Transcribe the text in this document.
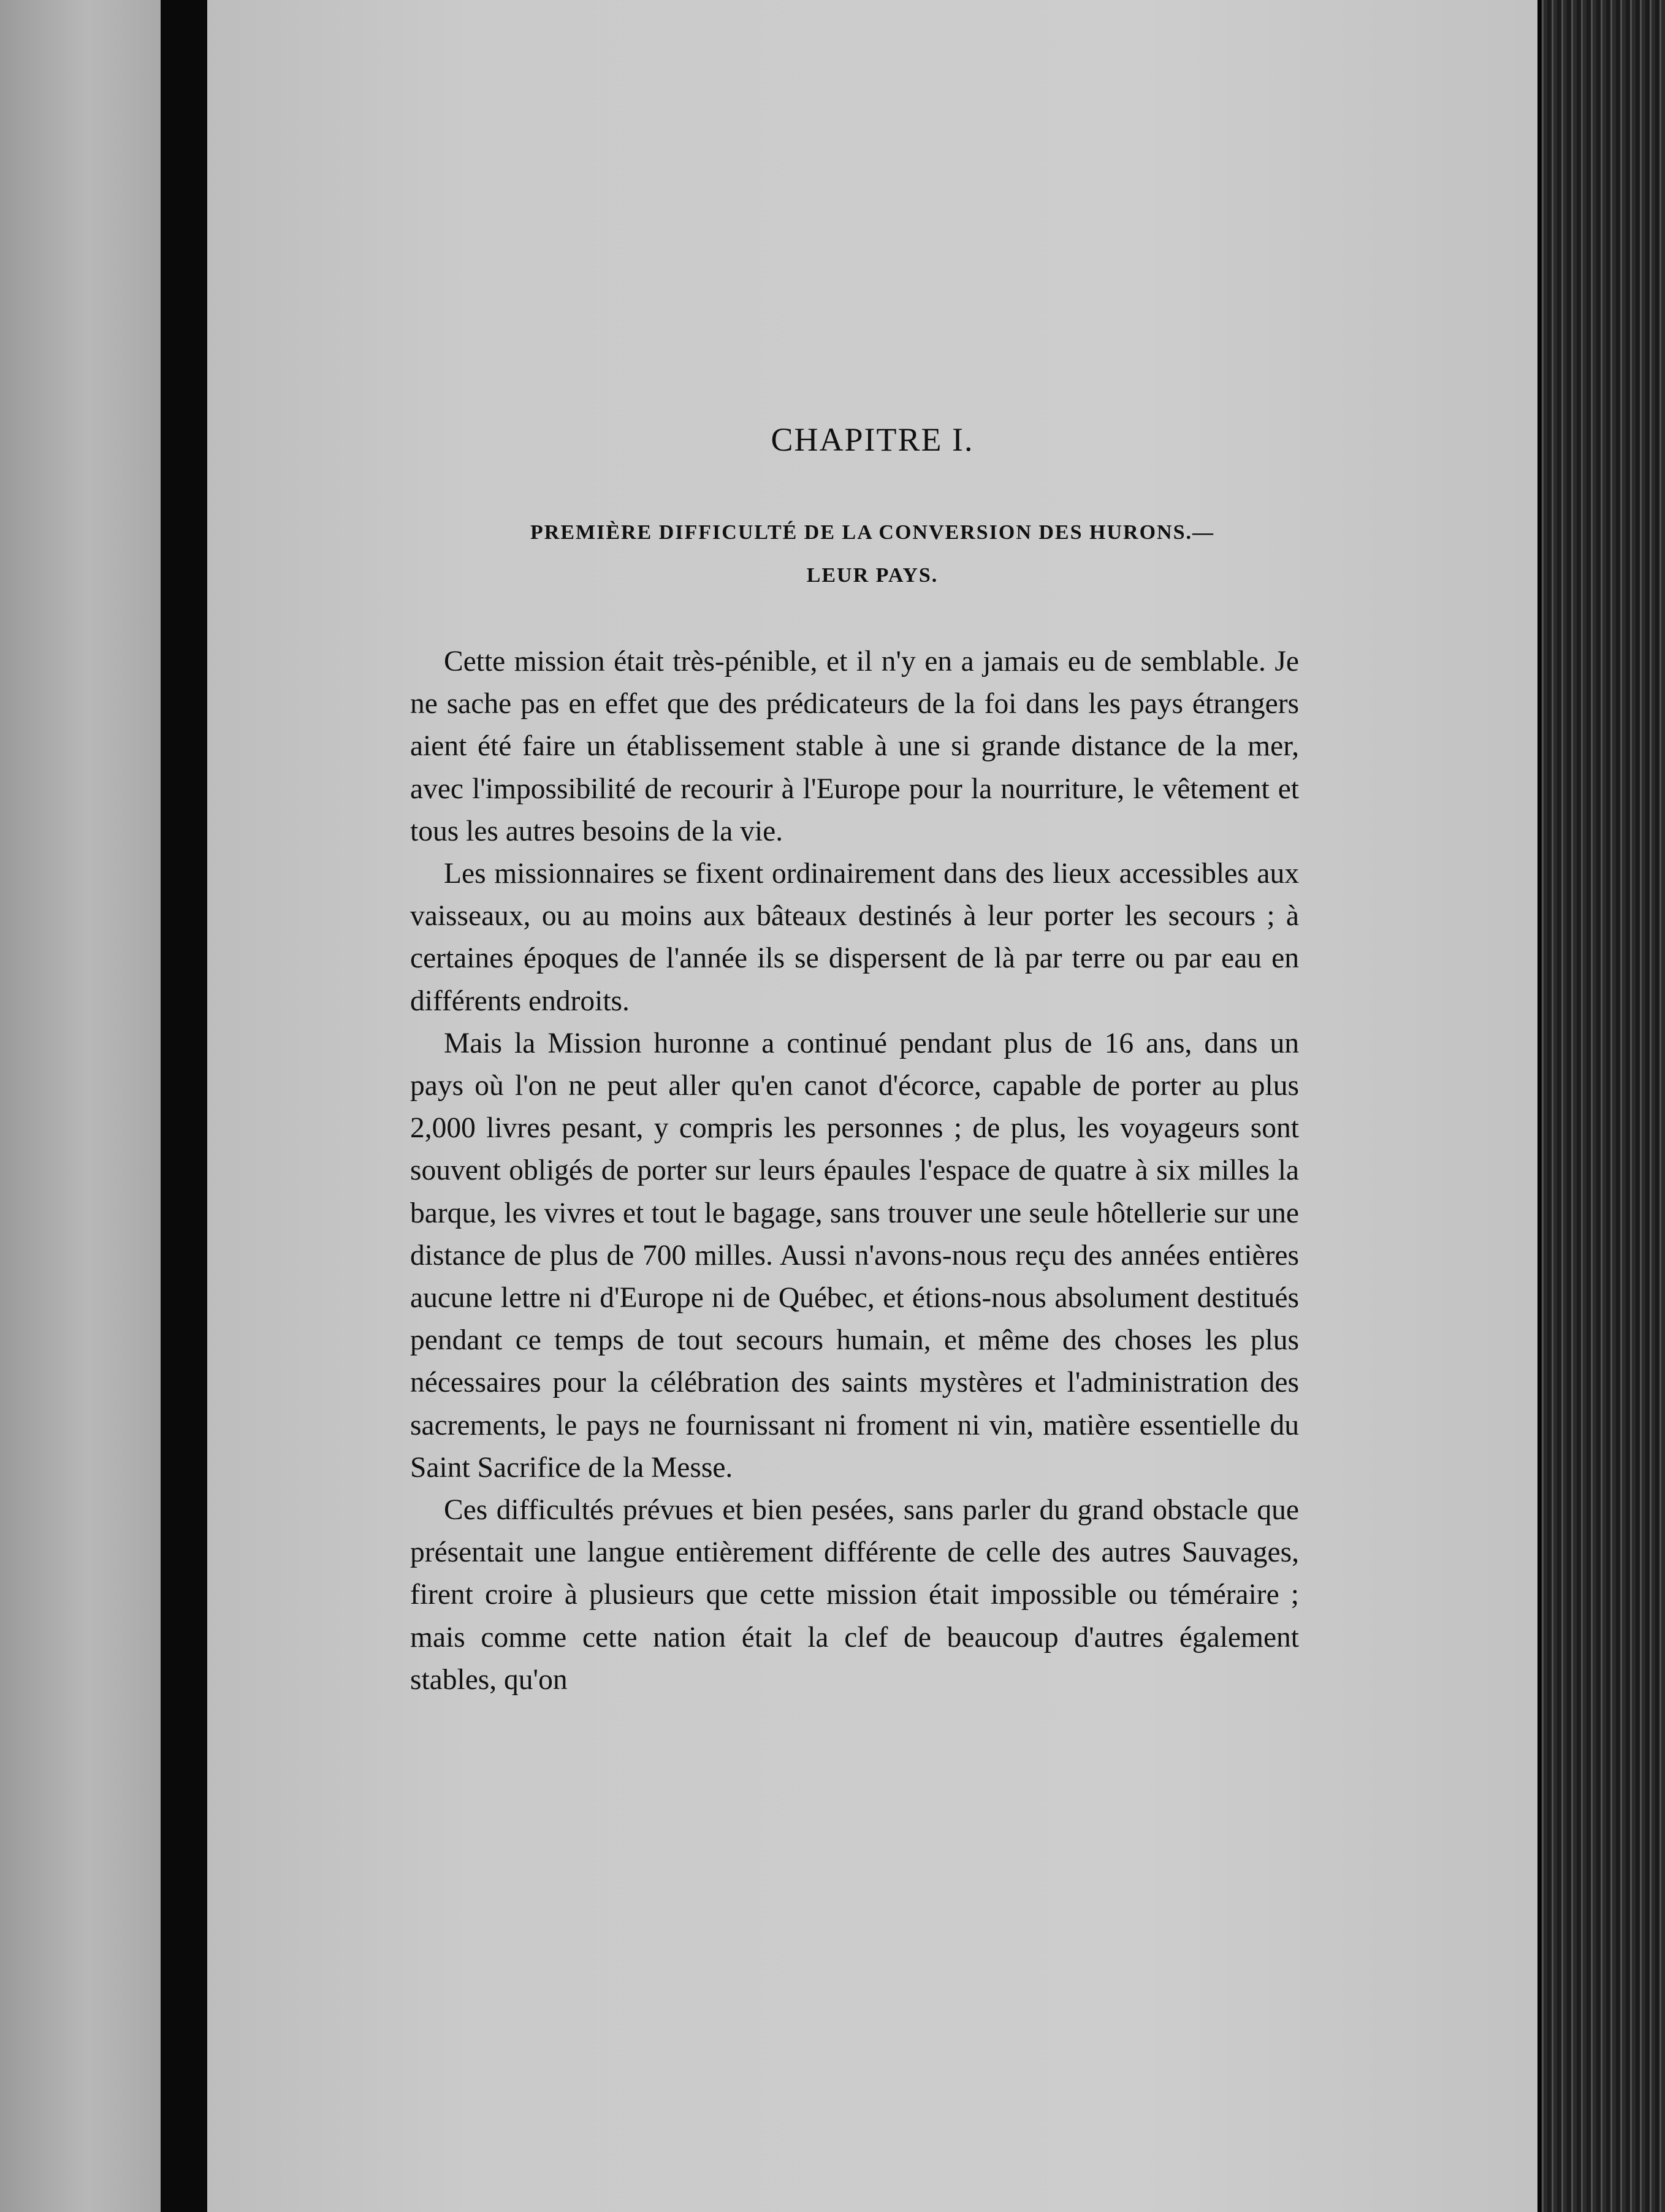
CHAPITRE I.
PREMIÈRE DIFFICULTÉ DE LA CONVERSION DES HURONS.—
LEUR PAYS.

Cette mission était très-pénible, et il n'y en a jamais eu de semblable. Je ne sache pas en effet que des prédicateurs de la foi dans les pays étrangers aient été faire un établissement stable à une si grande distance de la mer, avec l'impossibilité de recourir à l'Europe pour la nourriture, le vêtement et tous les autres besoins de la vie.

Les missionnaires se fixent ordinairement dans des lieux accessibles aux vaisseaux, ou au moins aux bâteaux destinés à leur porter les secours ; à certaines époques de l'année ils se dispersent de là par terre ou par eau en différents endroits.

Mais la Mission huronne a continué pendant plus de 16 ans, dans un pays où l'on ne peut aller qu'en canot d'écorce, capable de porter au plus 2,000 livres pesant, y compris les personnes ; de plus, les voyageurs sont souvent obligés de porter sur leurs épaules l'espace de quatre à six milles la barque, les vivres et tout le bagage, sans trouver une seule hôtellerie sur une distance de plus de 700 milles. Aussi n'avons-nous reçu des années entières aucune lettre ni d'Europe ni de Québec, et étions-nous absolument destitués pendant ce temps de tout secours humain, et même des choses les plus nécessaires pour la célébration des saints mystères et l'administration des sacrements, le pays ne fournissant ni froment ni vin, matière essentielle du Saint Sacrifice de la Messe.

Ces difficultés prévues et bien pesées, sans parler du grand obstacle que présentait une langue entièrement différente de celle des autres Sauvages, firent croire à plusieurs que cette mission était impossible ou téméraire ; mais comme cette nation était la clef de beaucoup d'autres également stables, qu'on
